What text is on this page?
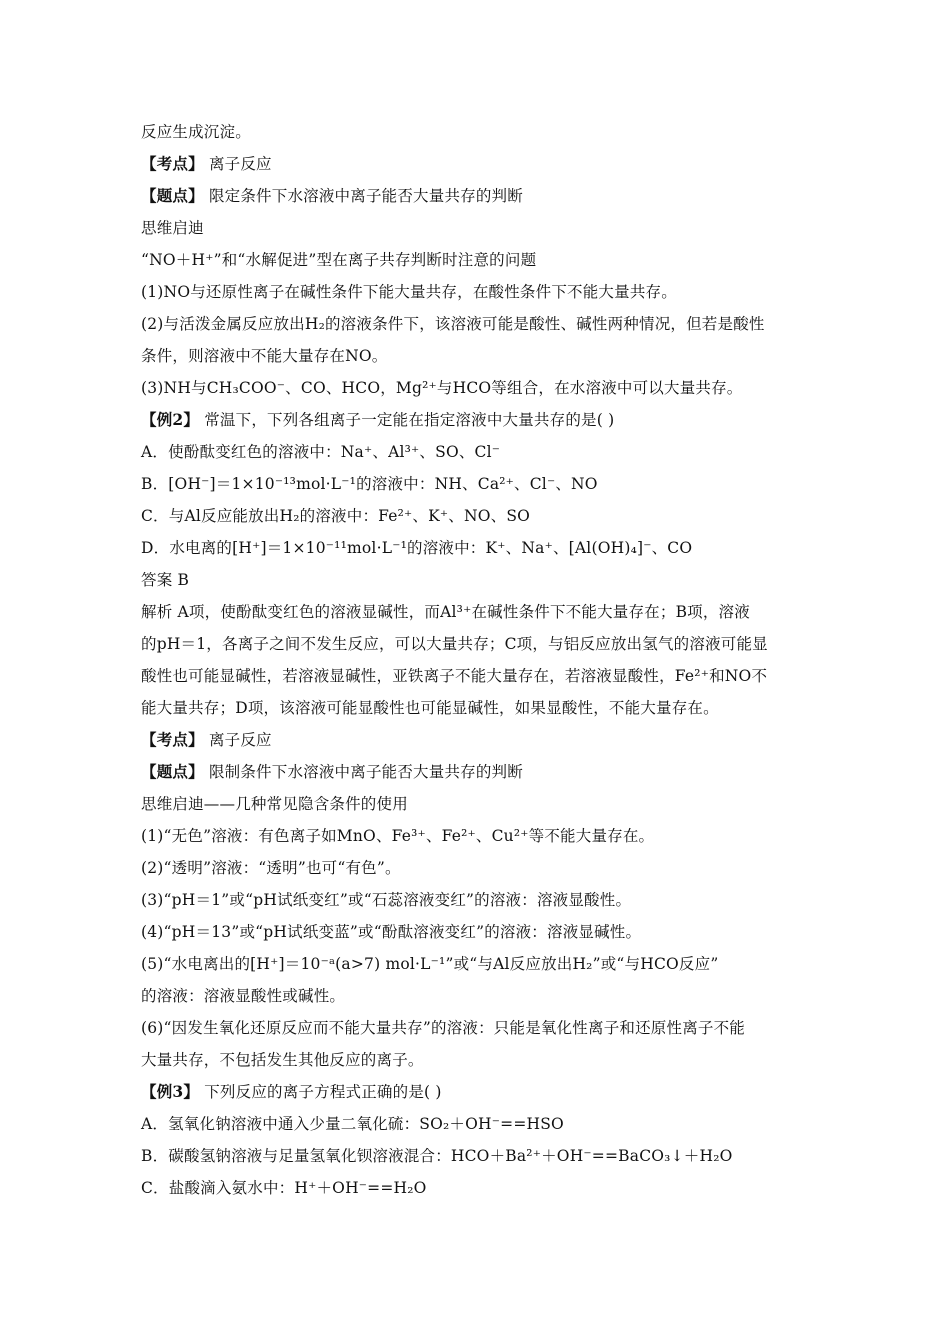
反应生成沉淀。
【考点】 离子反应
【题点】 限定条件下水溶液中离子能否大量共存的判断
思维启迪
“NO＋H⁺”和“水解促进”型在离子共存判断时注意的问题
(1)NO与还原性离子在碱性条件下能大量共存，在酸性条件下不能大量共存。
(2)与活泼金属反应放出H₂的溶液条件下，该溶液可能是酸性、碱性两种情况，但若是酸性
条件，则溶液中不能大量存在NO。
(3)NH与CH₃COO⁻、CO、HCO，Mg²⁺与HCO等组合，在水溶液中可以大量共存。
【例2】 常温下，下列各组离子一定能在指定溶液中大量共存的是( )
A．使酚酞变红色的溶液中：Na⁺、Al³⁺、SO、Cl⁻
B．[OH⁻]＝1×10⁻¹³mol·L⁻¹的溶液中：NH、Ca²⁺、Cl⁻、NO
C．与Al反应能放出H₂的溶液中：Fe²⁺、K⁺、NO、SO
D．水电离的[H⁺]＝1×10⁻¹¹mol·L⁻¹的溶液中：K⁺、Na⁺、[Al(OH)₄]⁻、CO
答案 B
解析 A项，使酚酞变红色的溶液显碱性，而Al³⁺在碱性条件下不能大量存在；B项，溶液
的pH＝1，各离子之间不发生反应，可以大量共存；C项，与铝反应放出氢气的溶液可能显
酸性也可能显碱性，若溶液显碱性，亚铁离子不能大量存在，若溶液显酸性，Fe²⁺和NO不
能大量共存；D项，该溶液可能显酸性也可能显碱性，如果显酸性，不能大量存在。
【考点】 离子反应
【题点】 限制条件下水溶液中离子能否大量共存的判断
思维启迪——几种常见隐含条件的使用
(1)“无色”溶液：有色离子如MnO、Fe³⁺、Fe²⁺、Cu²⁺等不能大量存在。
(2)“透明”溶液：“透明”也可“有色”。
(3)“pH＝1”或“pH试纸变红”或“石蕊溶液变红”的溶液：溶液显酸性。
(4)“pH＝13”或“pH试纸变蓝”或“酚酞溶液变红”的溶液：溶液显碱性。
(5)“水电离出的[H⁺]＝10⁻ᵃ(a>7) mol·L⁻¹”或“与Al反应放出H₂”或“与HCO反应”
的溶液：溶液显酸性或碱性。
(6)“因发生氧化还原反应而不能大量共存”的溶液：只能是氧化性离子和还原性离子不能
大量共存，不包括发生其他反应的离子。
【例3】 下列反应的离子方程式正确的是( )
A．氢氧化钠溶液中通入少量二氧化硫：SO₂＋OH⁻==HSO
B．碳酸氢钠溶液与足量氢氧化钡溶液混合：HCO＋Ba²⁺＋OH⁻==BaCO₃↓＋H₂O
C．盐酸滴入氨水中：H⁺＋OH⁻==H₂O
